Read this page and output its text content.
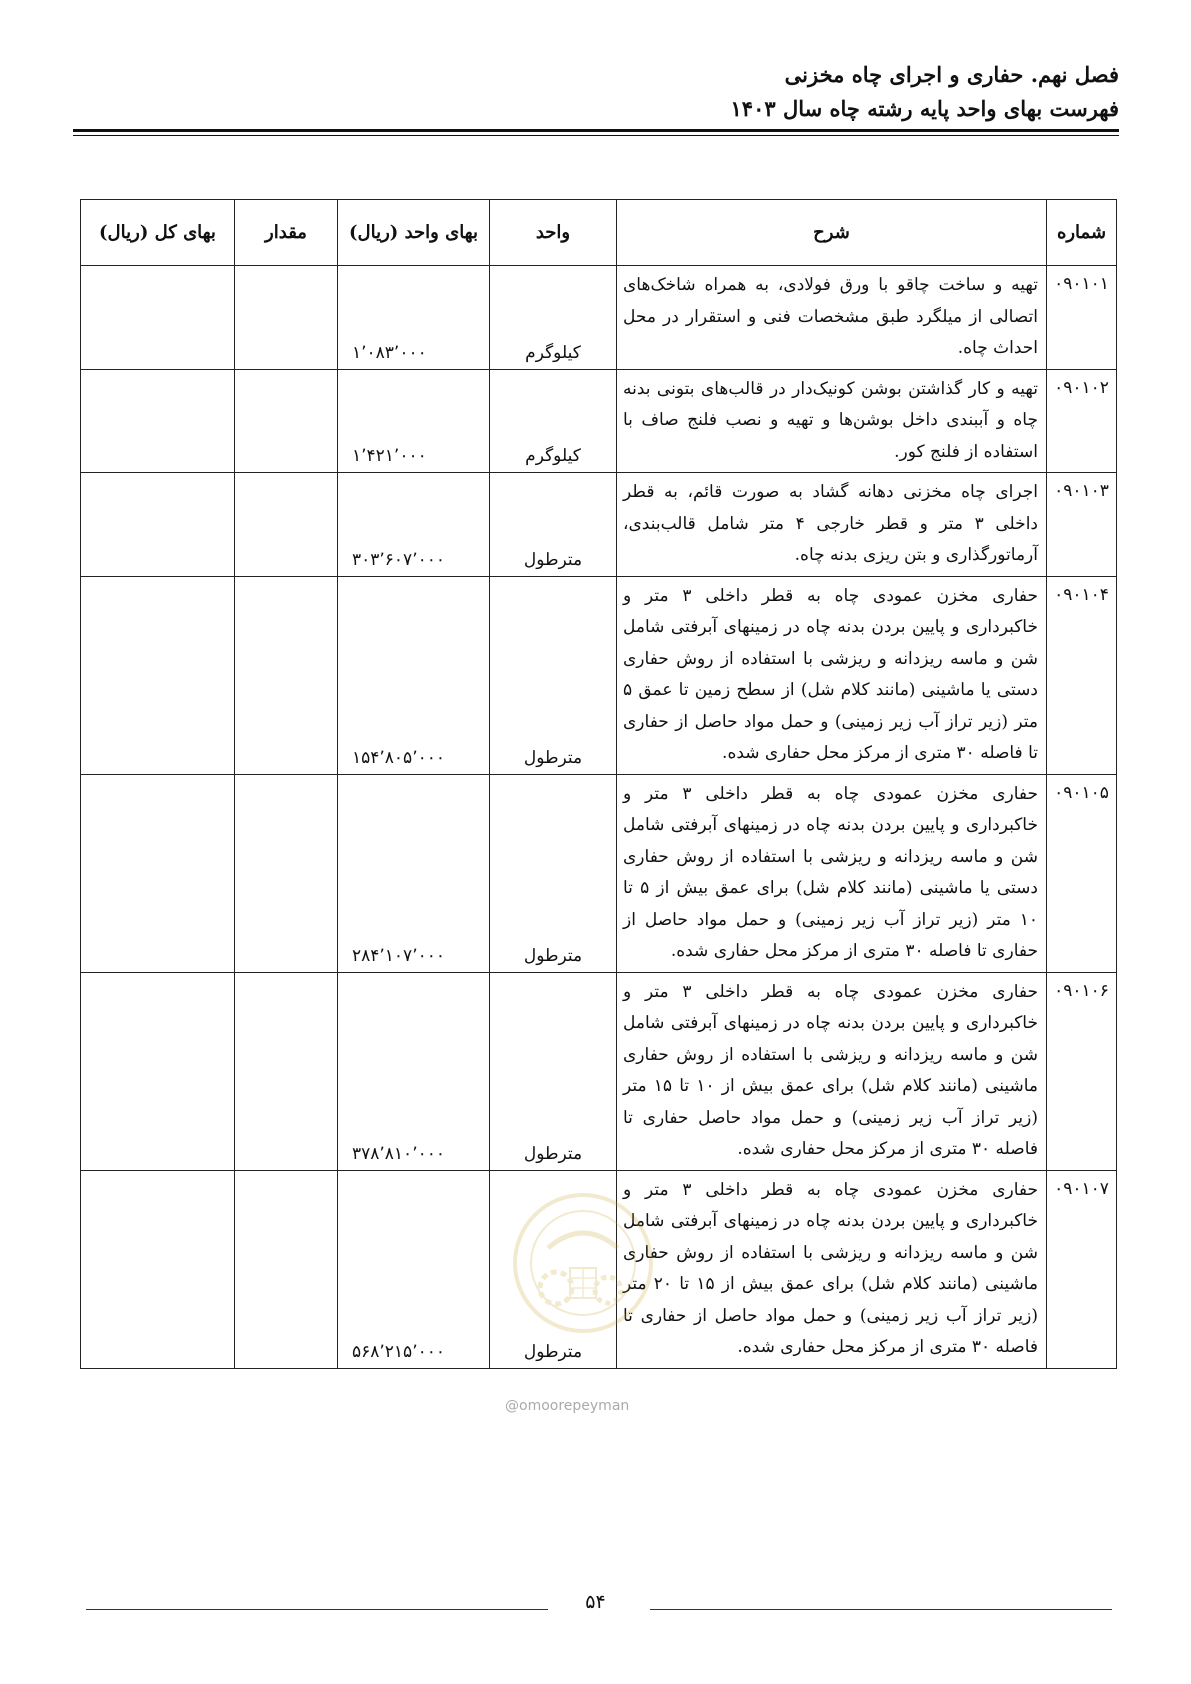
فصل نهم. حفاری و اجرای چاه مخزنی
فهرست بهای واحد پایه رشته چاه سال ۱۴۰۳
شماره	شرح	واحد	بهای واحد (ریال)	مقدار	بهای کل (ریال)
۰۹۰۱۰۱	تهیه و ساخت چاقو با ورق فولادی، به همراه شاخک‌های اتصالی از میلگرد طبق مشخصات فنی و استقرار در محل احداث چاه.	کیلوگرم	۱٬۰۸۳٬۰۰۰		
۰۹۰۱۰۲	تهیه و کار گذاشتن بوشن کونیک‌دار در قالب‌های بتونی بدنه چاه و آببندی داخل بوشن‌ها و تهیه و نصب فلنج صاف با استفاده از فلنج کور.	کیلوگرم	۱٬۴۲۱٬۰۰۰		
۰۹۰۱۰۳	اجرای چاه مخزنی دهانه گشاد به صورت قائم، به قطر داخلی ۳ متر و قطر خارجی ۴ متر شامل قالب‌بندی، آرماتورگذاری و بتن ریزی بدنه چاه.	مترطول	۳۰۳٬۶۰۷٬۰۰۰		
۰۹۰۱۰۴	حفاری مخزن عمودی چاه به قطر داخلی ۳ متر و خاکبرداری و پایین بردن بدنه چاه در زمینهای آبرفتی شامل شن و ماسه ریزدانه و ریزشی با استفاده از روش حفاری دستی یا ماشینی (مانند کلام شل) از سطح زمین تا عمق ۵ متر (زیر تراز آب زیر زمینی) و حمل مواد حاصل از حفاری تا فاصله ۳۰ متری از مرکز محل حفاری شده.	مترطول	۱۵۴٬۸۰۵٬۰۰۰		
۰۹۰۱۰۵	حفاری مخزن عمودی چاه به قطر داخلی ۳ متر و خاکبرداری و پایین بردن بدنه چاه در زمینهای آبرفتی شامل شن و ماسه ریزدانه و ریزشی با استفاده از روش حفاری دستی یا ماشینی (مانند کلام شل) برای عمق بیش از ۵ تا ۱۰ متر (زیر تراز آب زیر زمینی) و حمل مواد حاصل از حفاری تا فاصله ۳۰ متری از مرکز محل حفاری شده.	مترطول	۲۸۴٬۱۰۷٬۰۰۰		
۰۹۰۱۰۶	حفاری مخزن عمودی چاه به قطر داخلی ۳ متر و خاکبرداری و پایین بردن بدنه چاه در زمینهای آبرفتی شامل شن و ماسه ریزدانه و ریزشی با استفاده از روش حفاری ماشینی (مانند کلام شل) برای عمق بیش از ۱۰ تا ۱۵ متر (زیر تراز آب زیر زمینی) و حمل مواد حاصل حفاری تا فاصله ۳۰ متری از مرکز محل حفاری شده.	مترطول	۳۷۸٬۸۱۰٬۰۰۰		
۰۹۰۱۰۷	حفاری مخزن عمودی چاه به قطر داخلی ۳ متر و خاکبرداری و پایین بردن بدنه چاه در زمینهای آبرفتی شامل شن و ماسه ریزدانه و ریزشی با استفاده از روش حفاری ماشینی (مانند کلام شل) برای عمق بیش از ۱۵ تا ۲۰ متر (زیر تراز آب زیر زمینی) و حمل مواد حاصل از حفاری تا فاصله ۳۰ متری از مرکز محل حفاری شده.	مترطول	۵۶۸٬۲۱۵٬۰۰۰		
@omoorepeyman
۵۴
